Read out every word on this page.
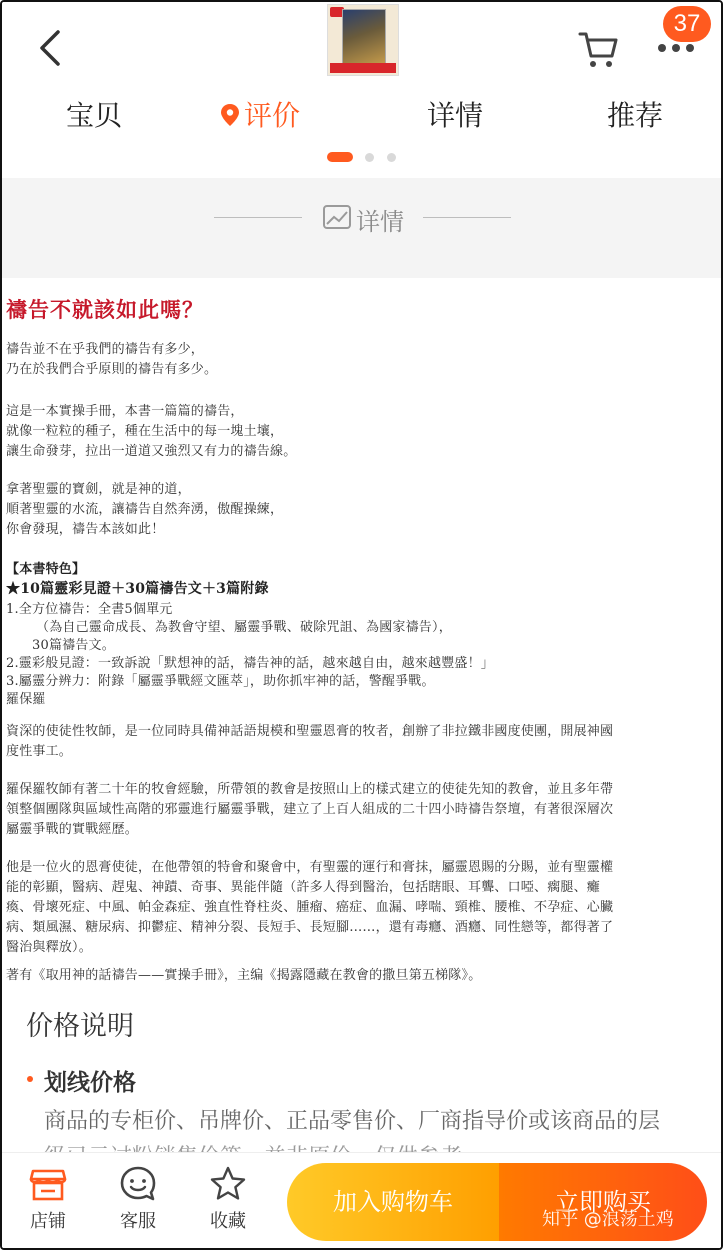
37
宝贝	评价	详情	推荐
详情
禱告不就該如此嗎？
禱告並不在乎我們的禱告有多少，
乃在於我們合乎原則的禱告有多少。
這是一本實操手冊，本書一篇篇的禱告，
就像一粒粒的種子，種在生活中的每一塊土壤，
讓生命發芽，拉出一道道又強烈又有力的禱告線。
拿著聖靈的寶劍，就是神的道，
順著聖靈的水流，讓禱告自然奔湧，傲醒操練，
你會發現，禱告本該如此！
【本書特色】
★10篇靈彩見證＋30篇禱告文＋3篇附錄
1.全方位禱告：全書5個單元
（為自己靈命成長、為教會守望、屬靈爭戰、破除咒詛、為國家禱告），
30篇禱告文。
2.靈彩般見證：一致訴說「默想神的話，禱告神的話，越來越自由，越來越豐盛！」
3.屬靈分辨力：附錄「屬靈爭戰經文匯萃」，助你抓牢神的話，警醒爭戰。
羅保羅
資深的使徒性牧師，是一位同時具備神話語規模和聖靈恩膏的牧者，創辦了非拉鐵非國度使團，開展神國
度性事工。
羅保羅牧師有著二十年的牧會經驗，所帶領的教會是按照山上的樣式建立的使徒先知的教會，並且多年帶
領整個團隊與區域性高階的邪靈進行屬靈爭戰，建立了上百人組成的二十四小時禱告祭壇，有著很深層次
屬靈爭戰的實戰經歷。
他是一位火的恩膏使徒，在他帶領的特會和聚會中，有聖靈的運行和膏抹，屬靈恩賜的分賜，並有聖靈權
能的彰顯，醫病、趕鬼、神蹟、奇事、異能伴隨（許多人得到醫治，包括瞎眼、耳聾、口啞、瘸腿、癱
瘓、骨壞死症、中風、帕金森症、強直性脊柱炎、腫瘤、癌症、血漏、哮喘、頸椎、腰椎、不孕症、心臟
病、類風濕、糖尿病、抑鬱症、精神分裂、長短手、長短腳……，還有毒癮、酒癮、同性戀等，都得著了
醫治與釋放）。
著有《取用神的話禱告——實操手冊》，主编《揭露隱藏在教會的撒旦第五梯隊》。
价格说明
划线价格
商品的专柜价、吊牌价、正品零售价、厂商指导价或该商品的层
店铺	客服	收藏
加入购物车	立即购买
知乎 @浪荡土鸡
